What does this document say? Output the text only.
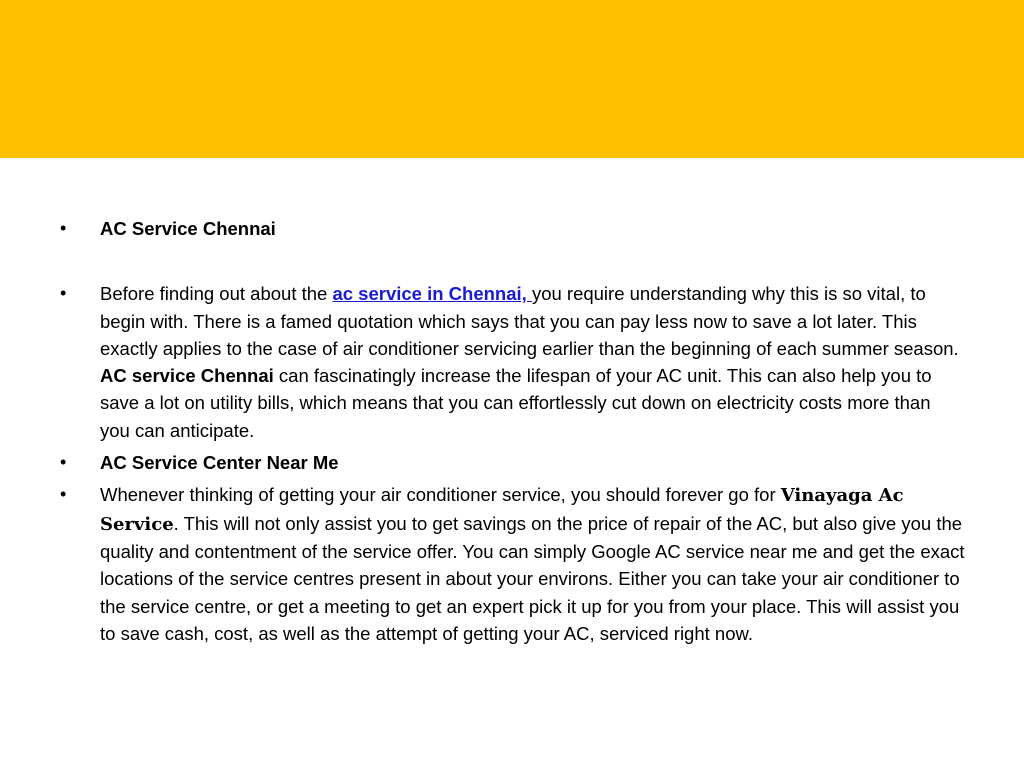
•	AC Service Chennai
•	Before finding out about the ac service in Chennai, you require understanding why this is so vital, to begin with. There is a famed quotation which says that you can pay less now to save a lot later. This exactly applies to the case of air conditioner servicing earlier than the beginning of each summer season. AC service Chennai can fascinatingly increase the lifespan of your AC unit. This can also help you to save a lot on utility bills, which means that you can effortlessly cut down on electricity costs more than you can anticipate.
•	AC Service Center Near Me
•	Whenever thinking of getting your air conditioner service, you should forever go for Vinayaga Ac Service. This will not only assist you to get savings on the price of repair of the AC, but also give you the quality and contentment of the service offer. You can simply Google AC service near me and get the exact locations of the service centres present in about your environs. Either you can take your air conditioner to the service centre, or get a meeting to get an expert pick it up for you from your place. This will assist you to save cash, cost, as well as the attempt of getting your AC, serviced right now.
